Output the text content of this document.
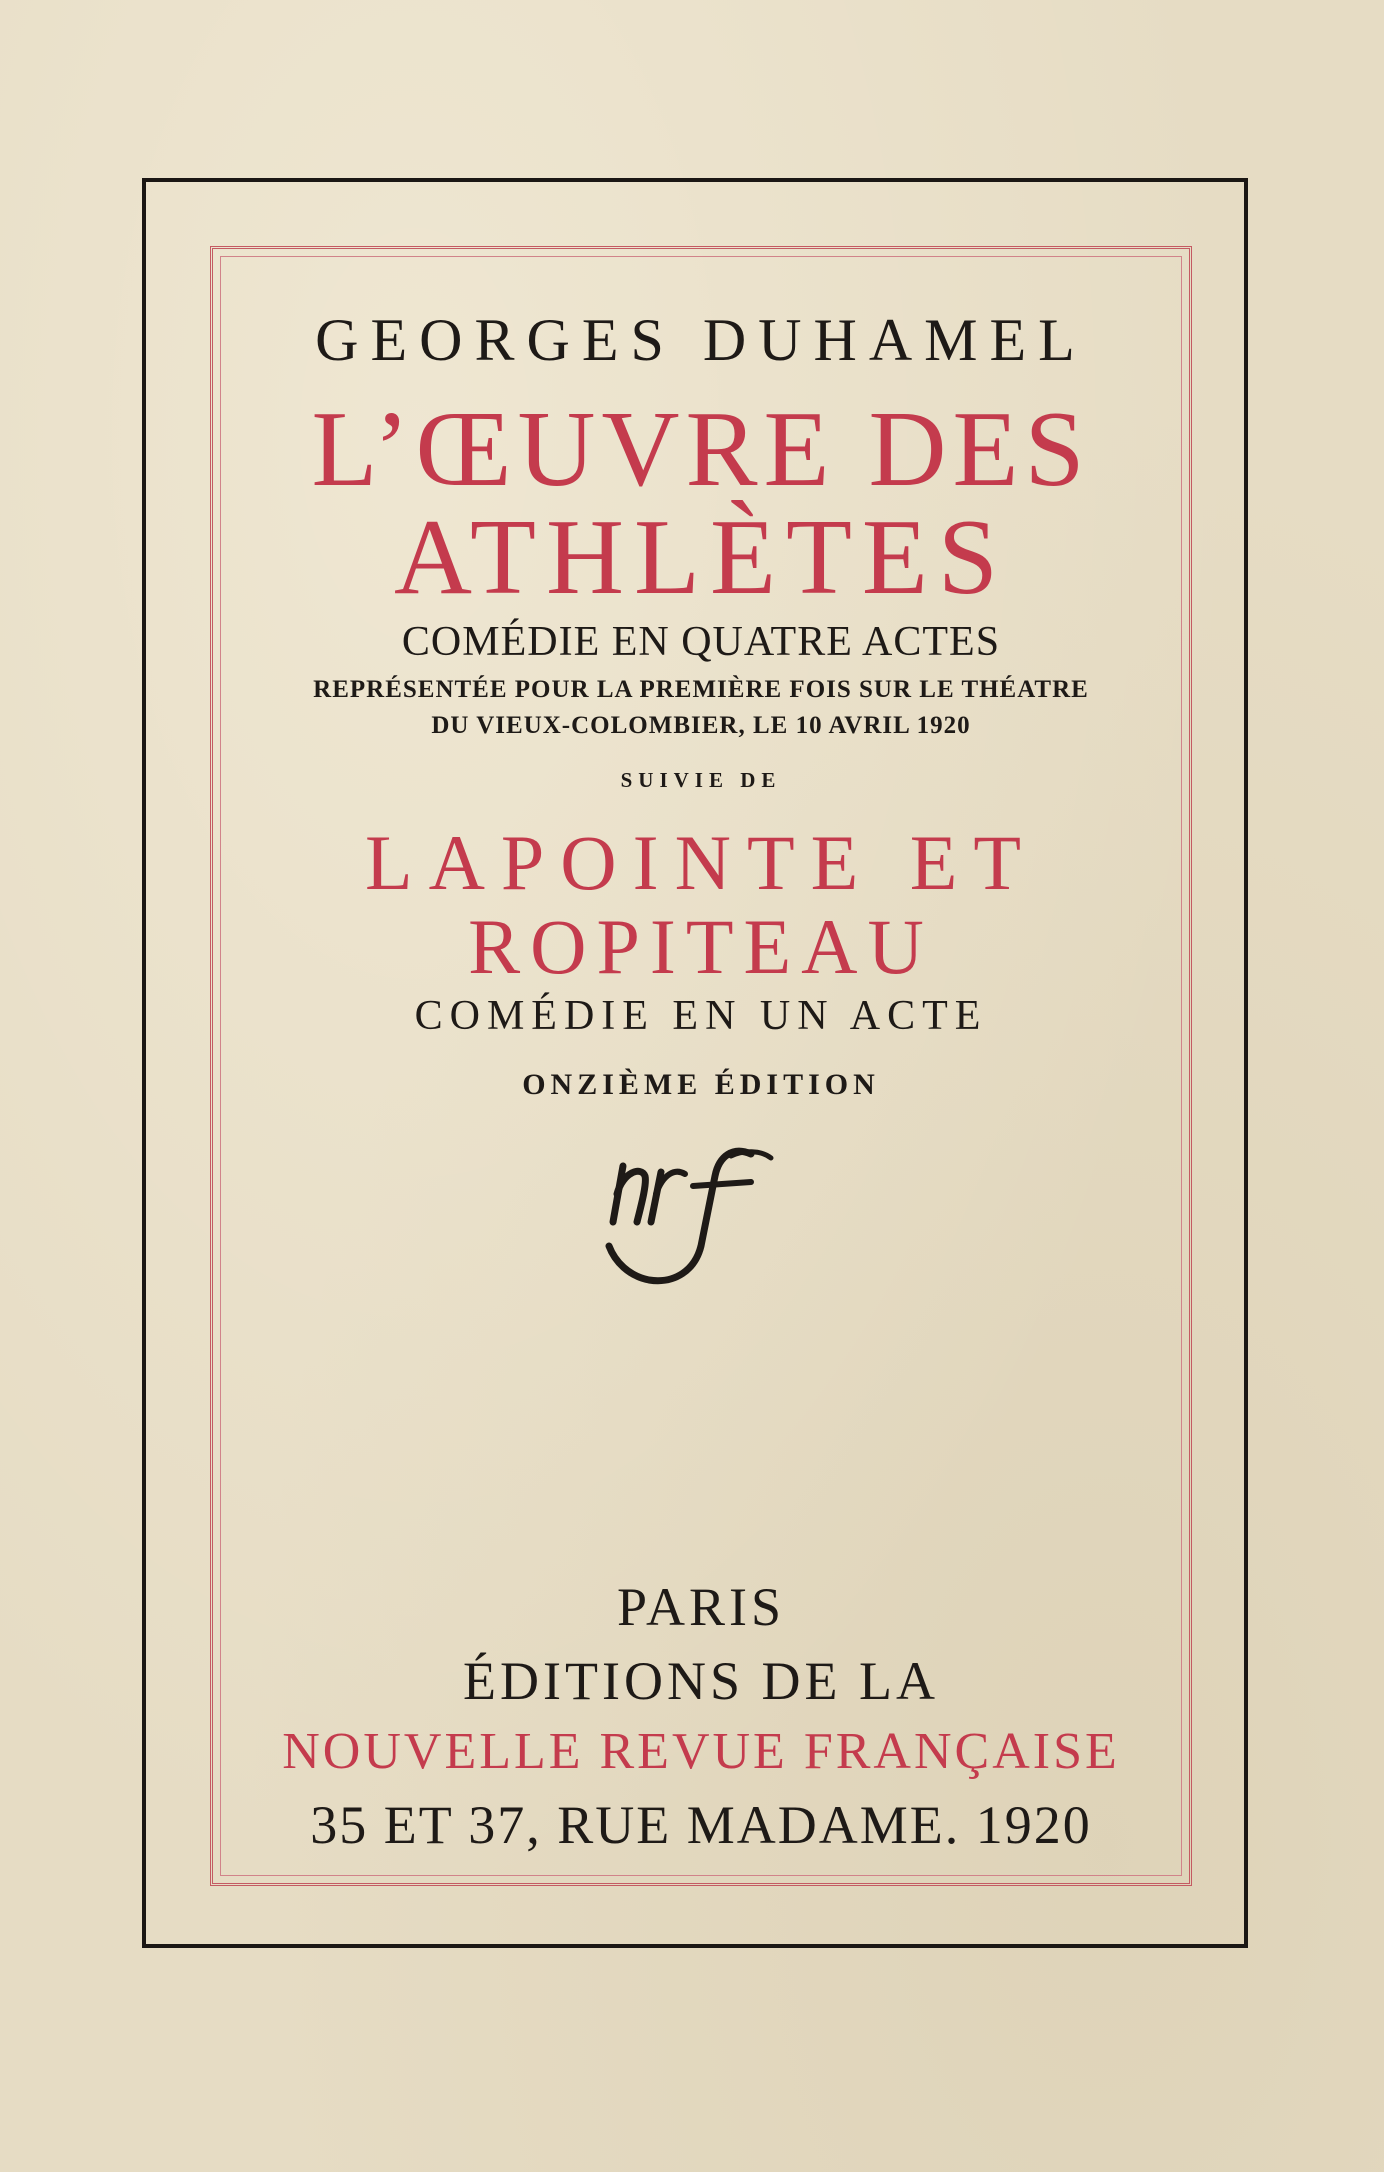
GEORGES DUHAMEL

L’ŒUVRE DES

ATHLÈTES

COMÉDIE EN QUATRE ACTES

REPRÉSENTÉE POUR LA PREMIÈRE FOIS SUR LE THÉATRE

DU VIEUX-COLOMBIER, LE 10 AVRIL 1920

SUIVIE DE

LAPOINTE ET

ROPITEAU

COMÉDIE EN UN ACTE

ONZIÈME ÉDITION

PARIS

ÉDITIONS DE LA

NOUVELLE REVUE FRANÇAISE

35 ET 37, RUE MADAME. 1920
